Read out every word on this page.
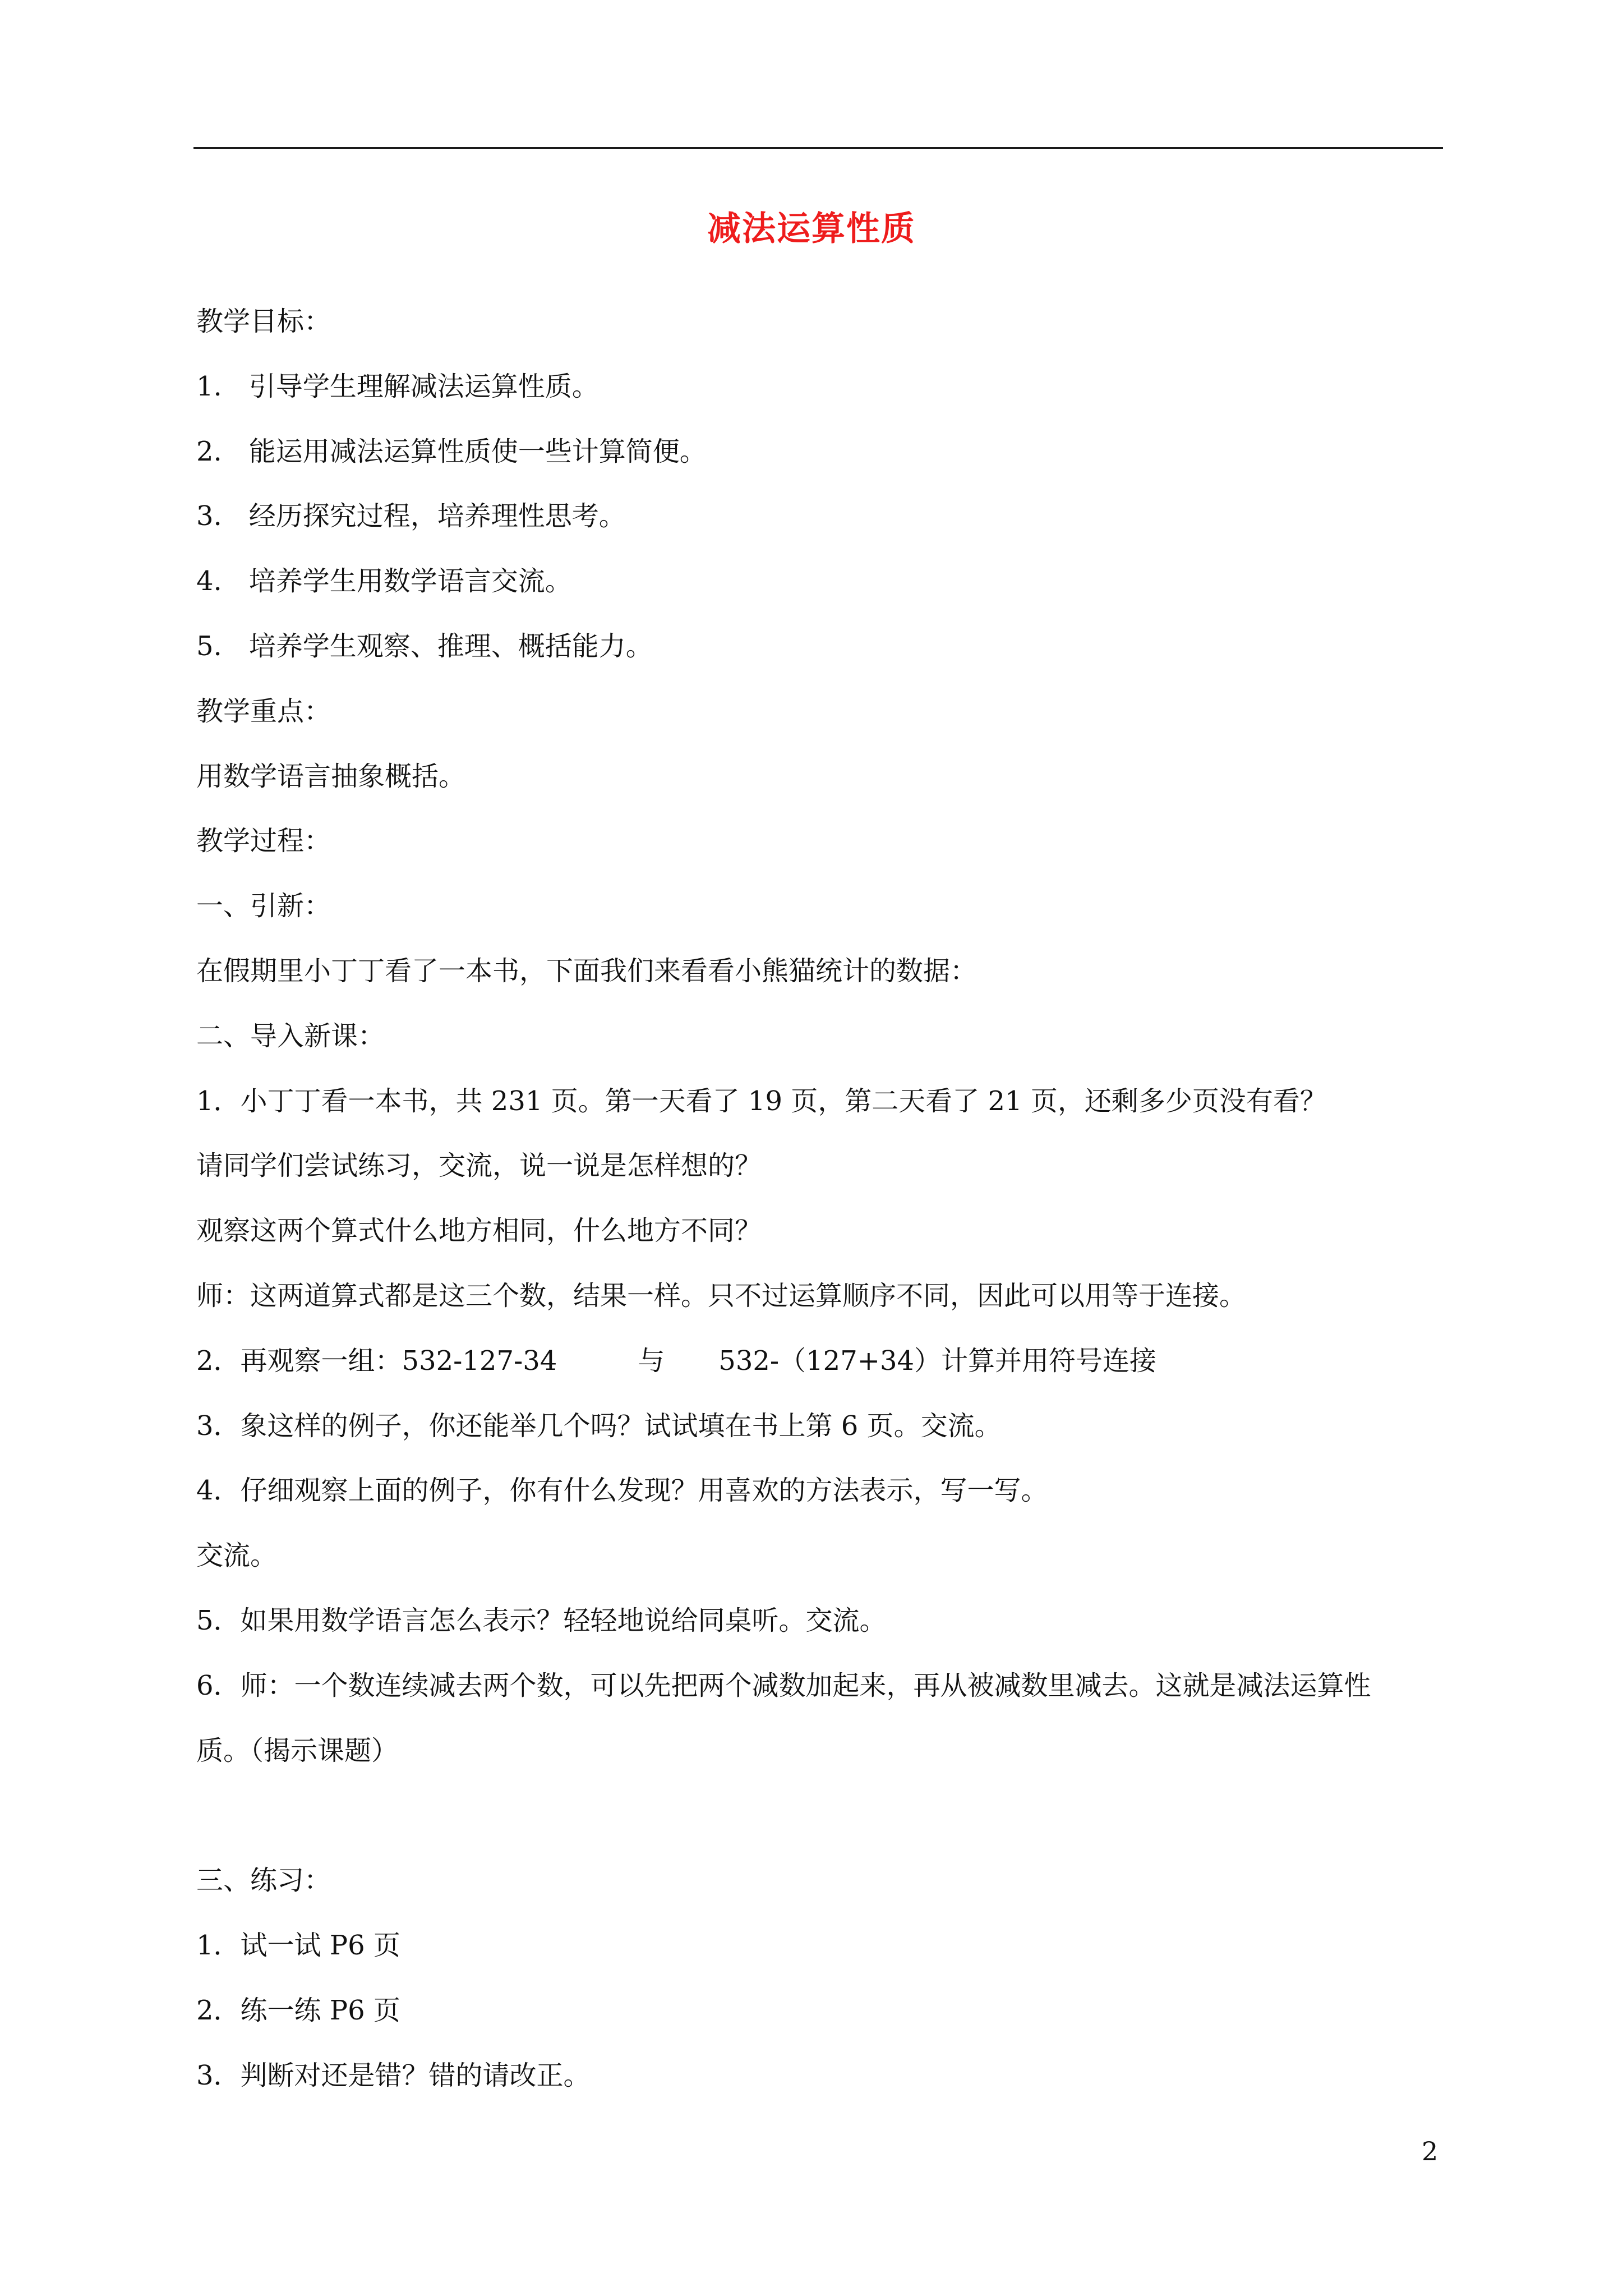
减法运算性质

教学目标：

1.　引导学生理解减法运算性质。

2.　能运用减法运算性质使一些计算简便。

3.　经历探究过程，培养理性思考。

4.　培养学生用数学语言交流。

5.　培养学生观察、推理、概括能力。

教学重点：

用数学语言抽象概括。

教学过程：

一、引新：

在假期里小丁丁看了一本书，下面我们来看看小熊猫统计的数据：

二、导入新课：

1．小丁丁看一本书，共 231 页。第一天看了 19 页，第二天看了 21 页，还剩多少页没有看？

请同学们尝试练习，交流，说一说是怎样想的？

观察这两个算式什么地方相同，什么地方不同？

师：这两道算式都是这三个数，结果一样。只不过运算顺序不同，因此可以用等于连接。

2．再观察一组：532-127-34　　　与　　532-（127+34）计算并用符号连接

3．象这样的例子，你还能举几个吗？试试填在书上第 6 页。交流。

4．仔细观察上面的例子，你有什么发现？用喜欢的方法表示，写一写。

交流。

5．如果用数学语言怎么表示？轻轻地说给同桌听。交流。

6．师：一个数连续减去两个数，可以先把两个减数加起来，再从被减数里减去。这就是减法运算性

质。（揭示课题）

三、练习：

1．试一试 P6 页

2．练一练 P6 页

3．判断对还是错？错的请改正。

2
